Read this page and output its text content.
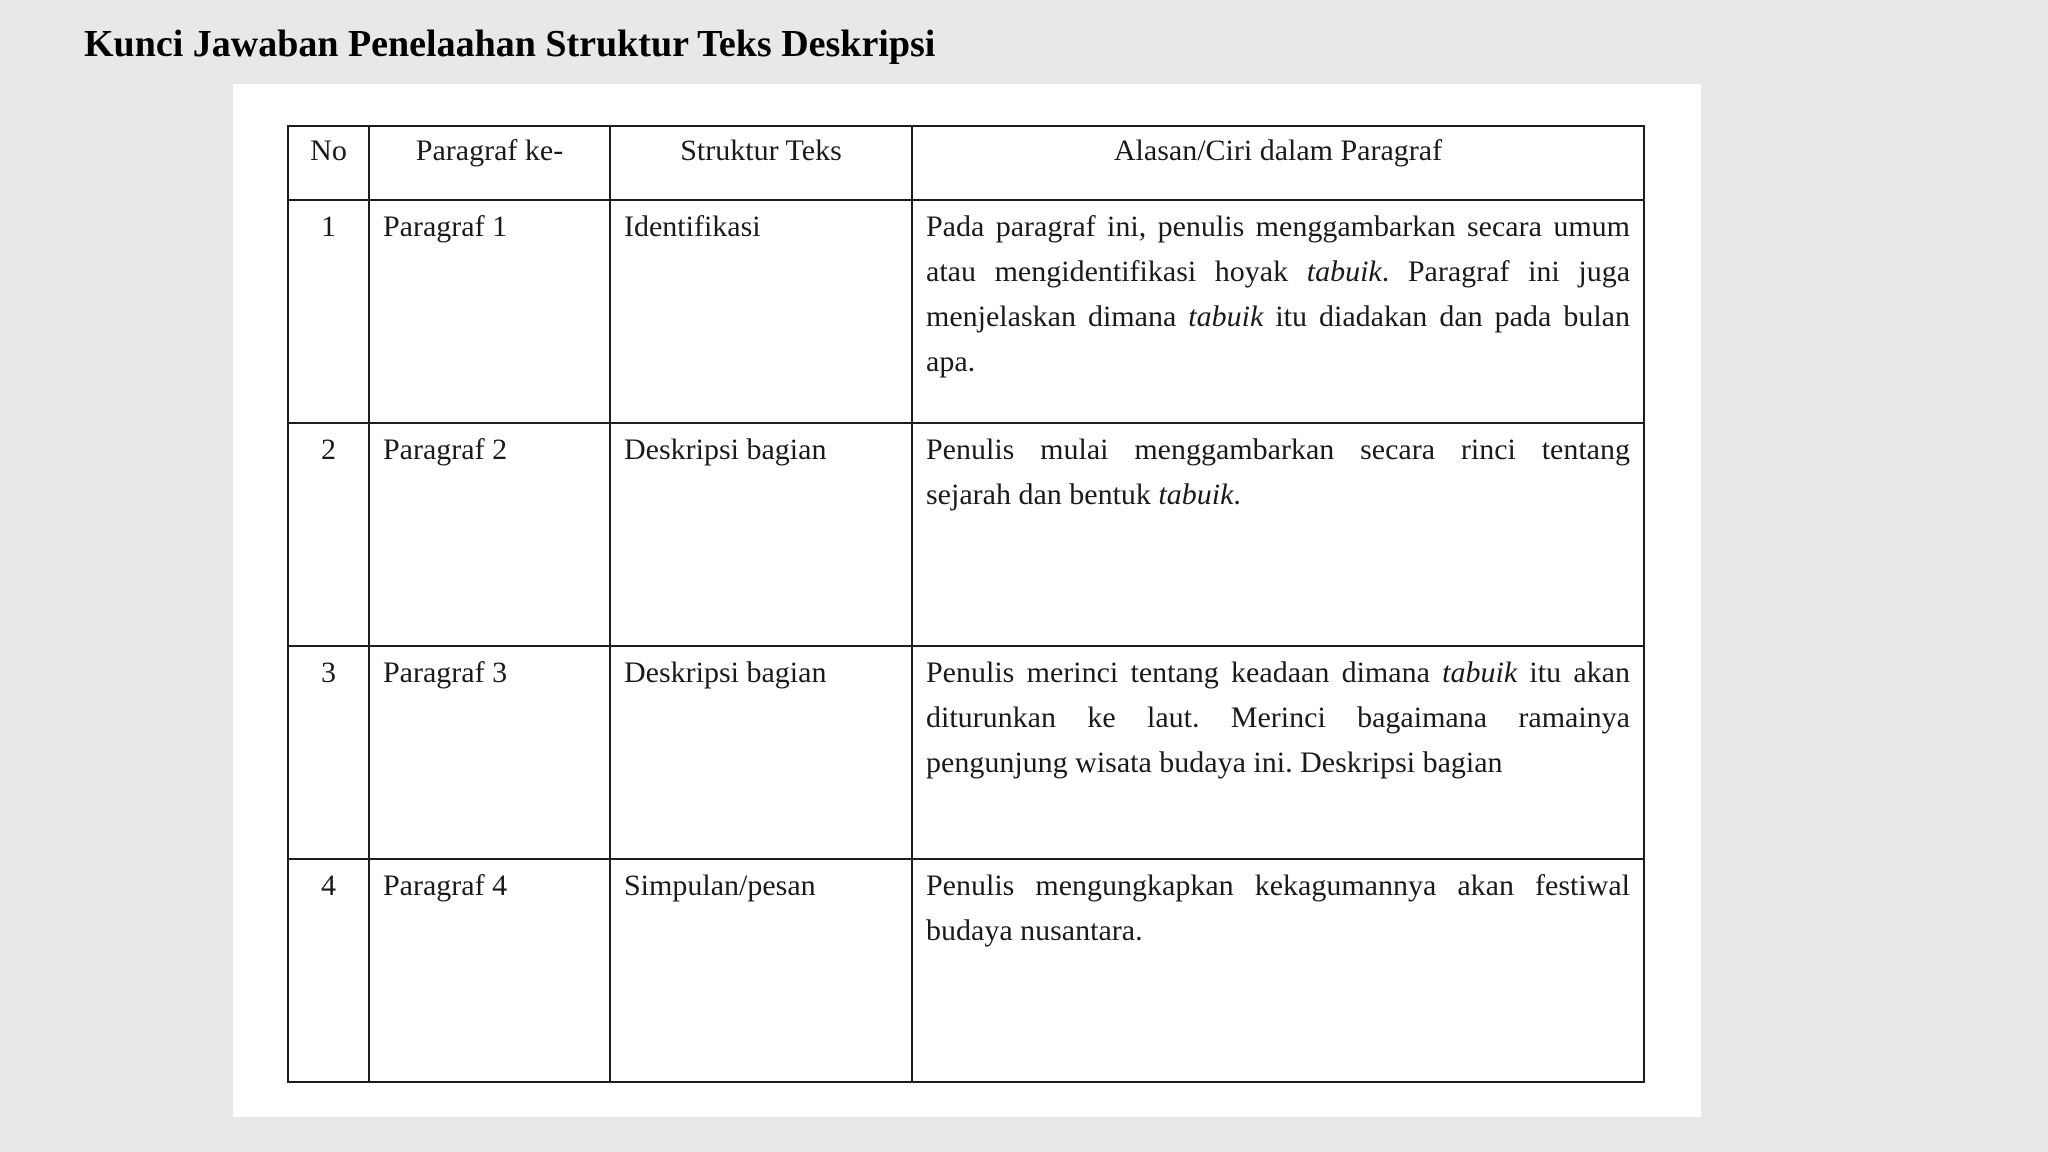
Kunci Jawaban Penelaahan Struktur Teks Deskripsi
No	Paragraf ke-	Struktur Teks	Alasan/Ciri dalam Paragraf
1	Paragraf 1	Identifikasi	Pada paragraf ini, penulis menggambarkan secara umum atau mengidentifikasi hoyak tabuik. Paragraf ini juga menjelaskan dimana tabuik itu diadakan dan pada bulan apa.
2	Paragraf 2	Deskripsi bagian	Penulis mulai menggambarkan secara rinci tentang sejarah dan bentuk tabuik.
3	Paragraf 3	Deskripsi bagian	Penulis merinci tentang keadaan dimana tabuik itu akan diturunkan ke laut. Merinci bagaimana ramainya pengunjung wisata budaya ini. Deskripsi bagian
4	Paragraf 4	Simpulan/pesan	Penulis mengungkapkan kekagumannya akan festiwal budaya nusantara.
